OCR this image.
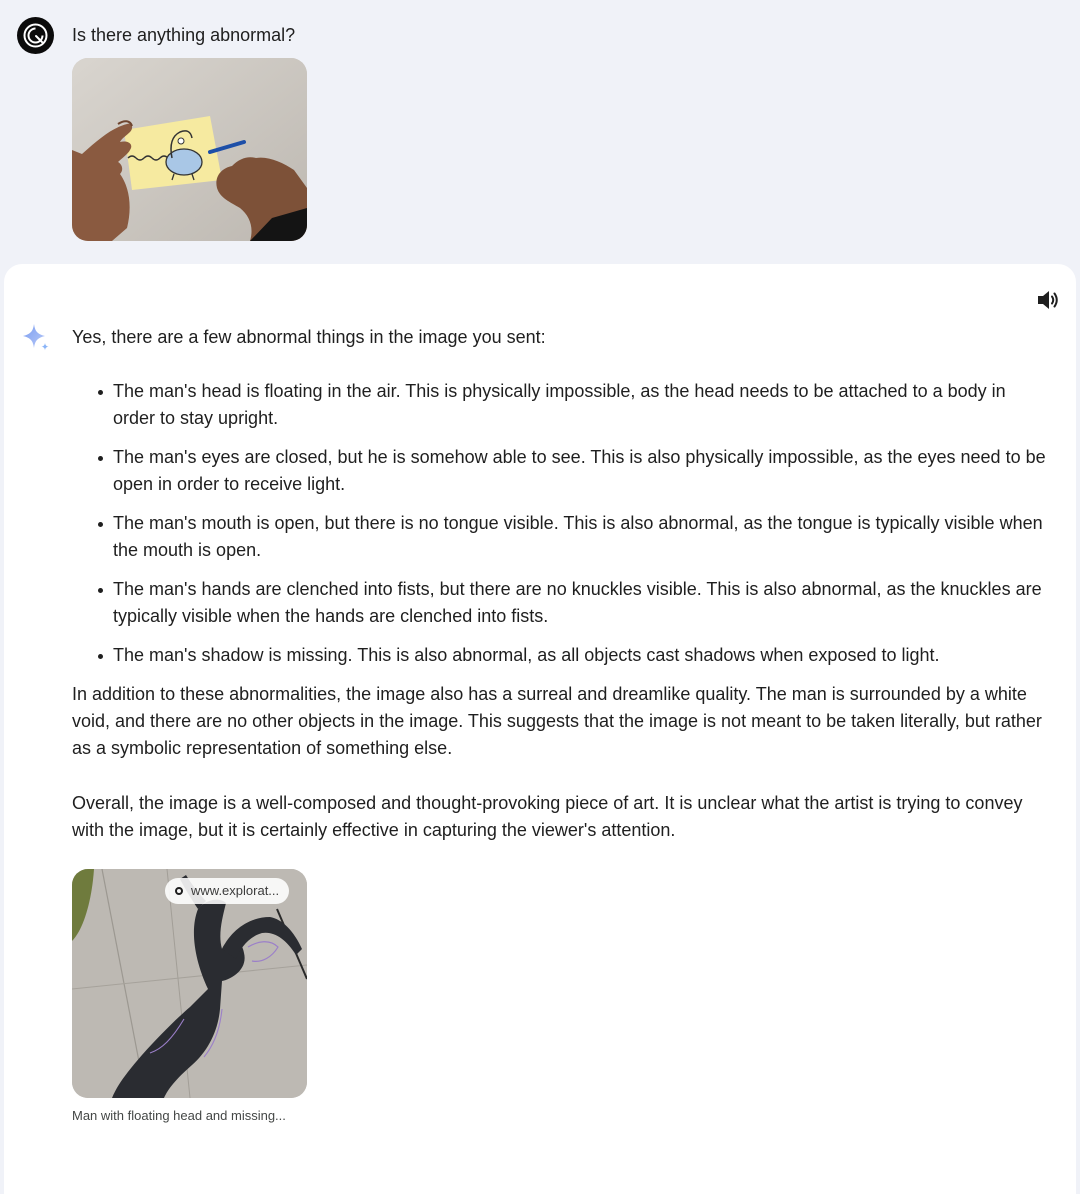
Is there anything abnormal?

Yes, there are a few abnormal things in the image you sent:

The man's head is floating in the air. This is physically impossible, as the head needs to be attached to a body in order to stay upright.
The man's eyes are closed, but he is somehow able to see. This is also physically impossible, as the eyes need to be open in order to receive light.
The man's mouth is open, but there is no tongue visible. This is also abnormal, as the tongue is typically visible when the mouth is open.
The man's hands are clenched into fists, but there are no knuckles visible. This is also abnormal, as the knuckles are typically visible when the hands are clenched into fists.
The man's shadow is missing. This is also abnormal, as all objects cast shadows when exposed to light.

In addition to these abnormalities, the image also has a surreal and dreamlike quality. The man is surrounded by a white void, and there are no other objects in the image. This suggests that the image is not meant to be taken literally, but rather as a symbolic representation of something else.

Overall, the image is a well-composed and thought-provoking piece of art. It is unclear what the artist is trying to convey with the image, but it is certainly effective in capturing the viewer's attention.

www.explorat...
Man with floating head and missing...
